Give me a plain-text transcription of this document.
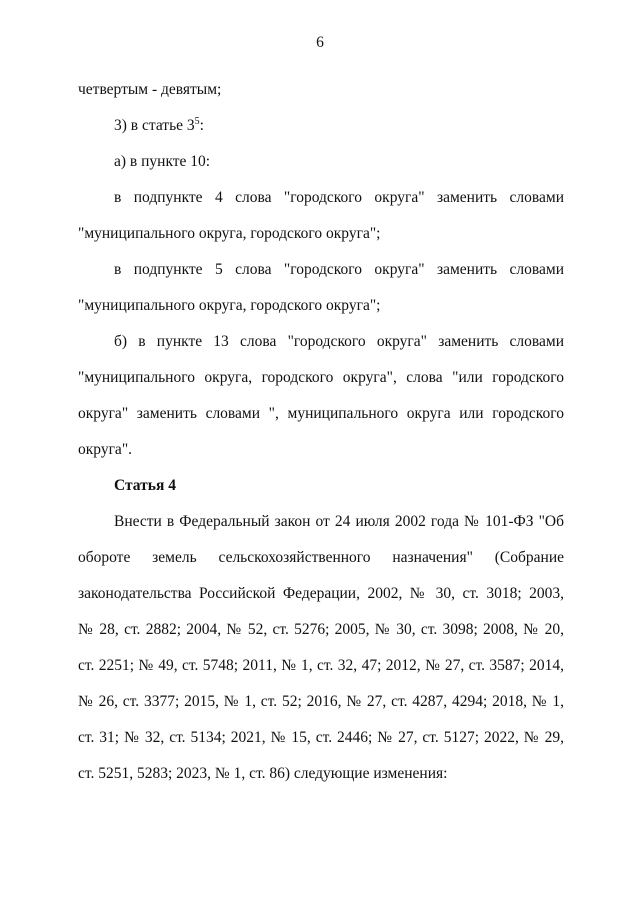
6

четвертым - девятым;

3) в статье $3^5$:

а) в пункте 10:

в подпункте 4 слова "городского округа" заменить словами
"муниципального округа, городского округа";

в подпункте 5 слова "городского округа" заменить словами
"муниципального округа, городского округа";

б) в пункте 13 слова "городского округа" заменить словами
"муниципального округа, городского округа", слова "или городского
округа" заменить словами ", муниципального округа или городского
округа".

Статья 4

Внести в Федеральный закон от 24 июля 2002 года № 101-ФЗ "Об
обороте земель сельскохозяйственного назначения" (Собрание
законодательства Российской Федерации, 2002, № 30, ст. 3018; 2003,
№ 28, ст. 2882; 2004, № 52, ст. 5276; 2005, № 30, ст. 3098; 2008, № 20,
ст. 2251; № 49, ст. 5748; 2011, № 1, ст. 32, 47; 2012, № 27, ст. 3587; 2014,
№ 26, ст. 3377; 2015, № 1, ст. 52; 2016, № 27, ст. 4287, 4294; 2018, № 1,
ст. 31; № 32, ст. 5134; 2021, № 15, ст. 2446; № 27, ст. 5127; 2022, № 29,
ст. 5251, 5283; 2023, № 1, ст. 86) следующие изменения:
